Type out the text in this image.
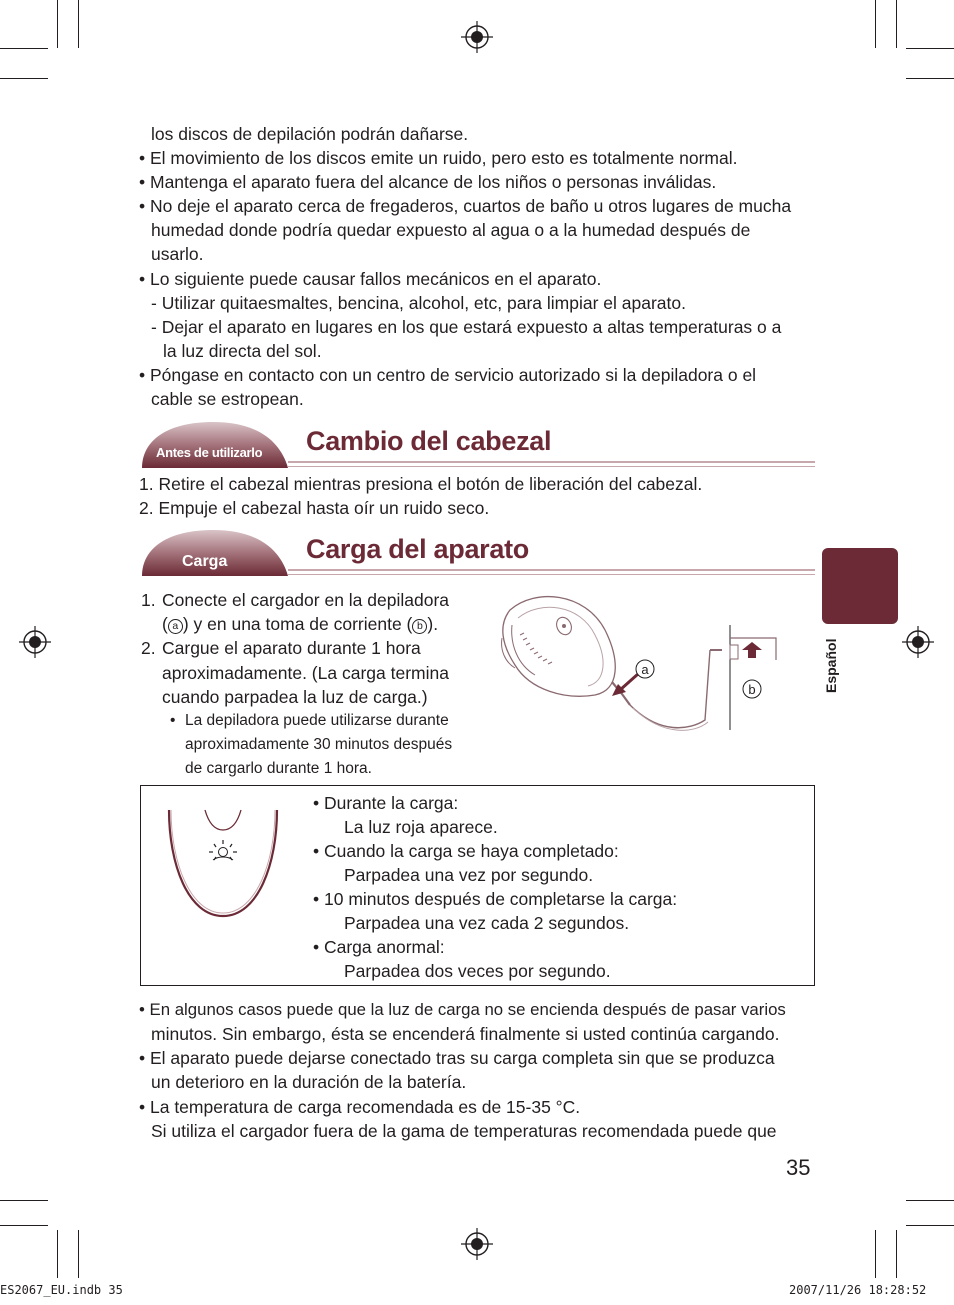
los discos de depilación podrán dañarse.
• El movimiento de los discos emite un ruido, pero esto es totalmente normal.
• Mantenga el aparato fuera del alcance de los niños o personas inválidas.
• No deje el aparato cerca de fregaderos, cuartos de baño u otros lugares de mucha
humedad donde podría quedar expuesto al agua o a la humedad después de
usarlo.
• Lo siguiente puede causar fallos mecánicos en el aparato.
- Utilizar quitaesmaltes, bencina, alcohol, etc, para limpiar el aparato.
- Dejar el aparato en lugares en los que estará expuesto a altas temperaturas o a
la luz directa del sol.
• Póngase en contacto con un centro de servicio autorizado si la depiladora o el
cable se estropean.
Antes de utilizarlo Cambio del cabezal
1. Retire el cabezal mientras presiona el botón de liberación del cabezal.
2. Empuje el cabezal hasta oír un ruido seco.
Carga	Carga del aparato
1. Conecte el cargador en la depiladora
( a ) y en una toma de corriente ( b ).
2. Cargue el aparato durante 1 hora
aproximadamente. (La carga termina
cuando parpadea la luz de carga.)
• La depiladora puede utilizarse durante
aproximadamente 30 minutos después
de cargarlo durante 1 hora.
a
b
• Durante la carga:
La luz roja aparece.
• Cuando la carga se haya completado:
Parpadea una vez por segundo.
• 10 minutos después de completarse la carga:
Parpadea una vez cada 2 segundos.
• Carga anormal:
Parpadea dos veces por segundo.
• En algunos casos puede que la luz de carga no se encienda después de pasar varios
minutos. Sin embargo, ésta se encenderá finalmente si usted continúa cargando.
• El aparato puede dejarse conectado tras su carga completa sin que se produzca
un deterioro en la duración de la batería.
• La temperatura de carga recomendada es de 15-35 °C.
Si utiliza el cargador fuera de la gama de temperaturas recomendada puede que
Español
35
ES2067_EU.indb 35	2007/11/26 18:28:52
